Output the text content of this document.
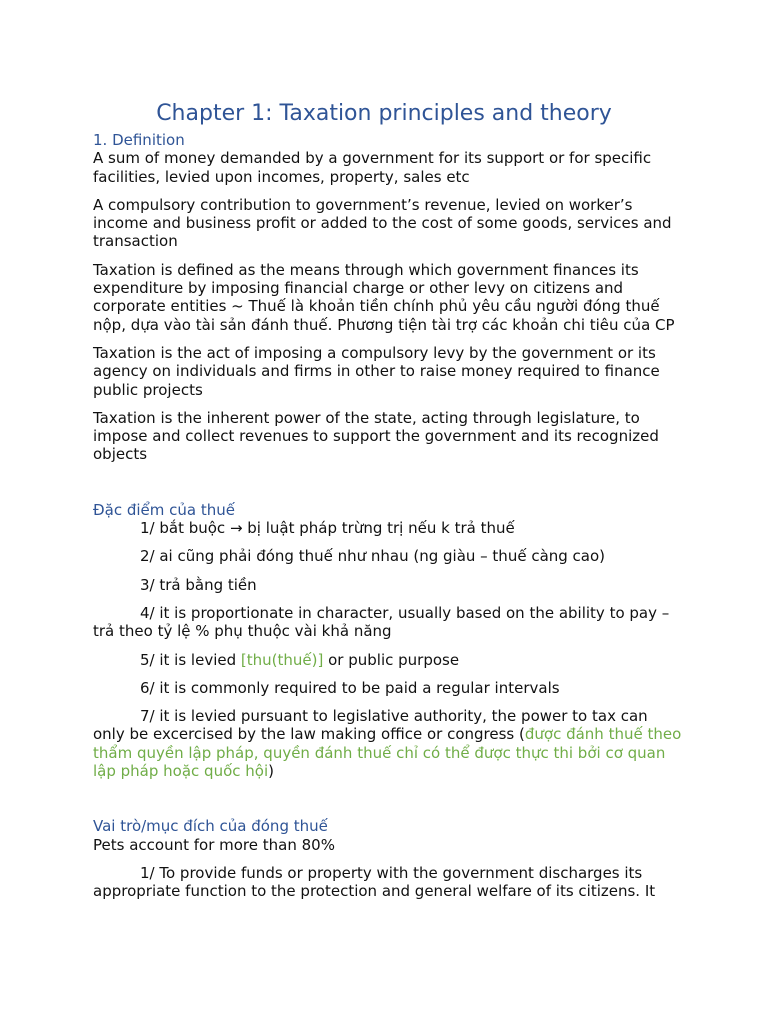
Chapter 1: Taxation principles and theory
1. Definition

A sum of money demanded by a government for its support or for specific facilities, levied upon incomes, property, sales etc

A compulsory contribution to government’s revenue, levied on worker’s income and business profit or added to the cost of some goods, services and transaction

Taxation is defined as the means through which government finances its expenditure by imposing financial charge or other levy on citizens and corporate entities ~ Thuế là khoản tiền chính phủ yêu cầu người đóng thuế nộp, dựa vào tài sản đánh thuế. Phương tiện tài trợ các khoản chi tiêu của CP

Taxation is the act of imposing a compulsory levy by the government or its agency on individuals and firms in other to raise money required to finance public projects

Taxation is the inherent power of the state, acting through legislature, to impose and collect revenues to support the government and its recognized objects

Đặc điểm của thuế

1/ bắt buộc → bị luật pháp trừng trị nếu k trả thuế

2/ ai cũng phải đóng thuế như nhau (ng giàu – thuế càng cao)

3/ trả bằng tiền

4/ it is proportionate in character, usually based on the ability to pay – trả theo tỷ lệ % phụ thuộc vài khả năng

5/ it is levied [thu(thuế)] or public purpose

6/ it is commonly required to be paid a regular intervals

7/ it is levied pursuant to legislative authority, the power to tax can only be excercised by the law making office or congress (được đánh thuế theo thẩm quyền lập pháp, quyền đánh thuế chỉ có thể được thực thi bởi cơ quan lập pháp hoặc quốc hội)

Vai trò/mục đích của đóng thuế

Pets account for more than 80%

1/ To provide funds or property with the government discharges its appropriate function to the protection and general welfare of its citizens. It
